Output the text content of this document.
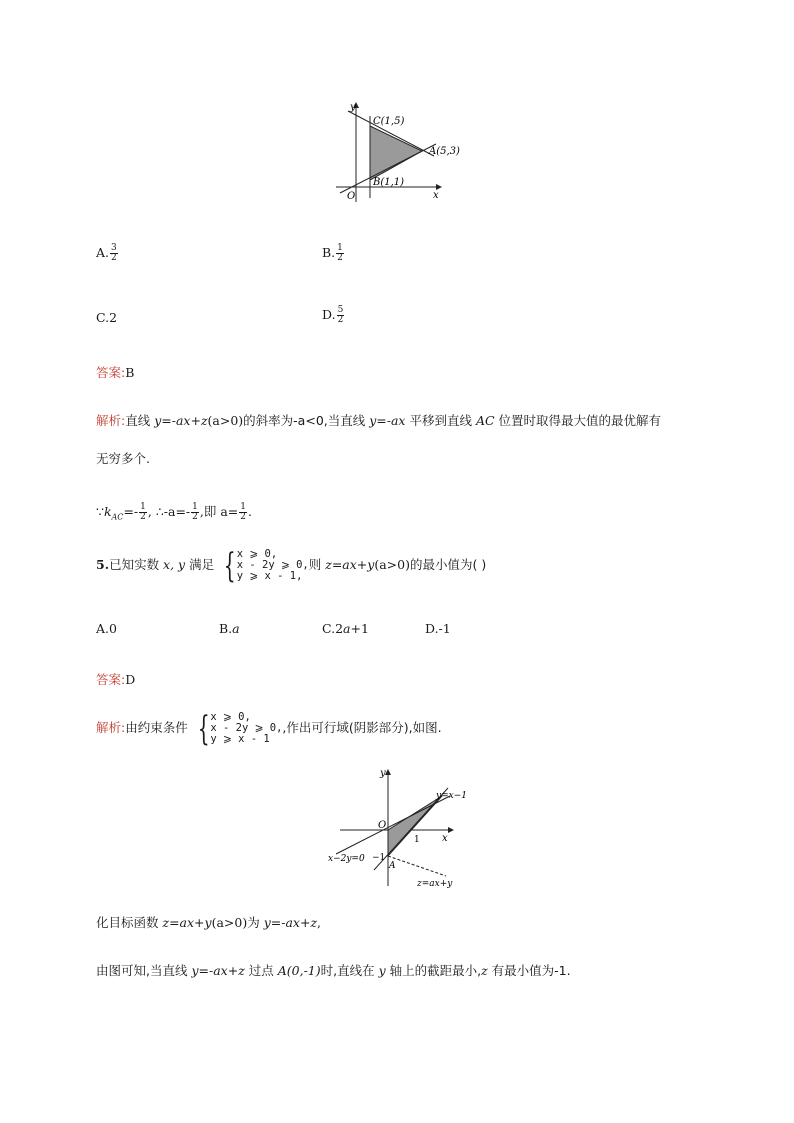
y
x
O
C(1,5)
A(5,3)
B(1,1)
A. $\frac{3}{2}$	B. $\frac{1}{2}$
C.2	D. $\frac{5}{2}$
答案:B
解析:直线 y=-ax+z(a>0)的斜率为-a<0,当直线 y=-ax 平移到直线 AC 位置时取得最大值的最优解有
无穷多个.
$\because k_{AC}=- \frac{1}{2}$ , ∴-a=- $\frac{1}{2}$ ,即 $a= \frac{1}{2}$ .
5.已知实数 x, y 满足 { x ⩾ 0,
x - 2y ⩾ 0,
y ⩾ x - 1,
则 z=ax+y(a>0)的最小值为( )
A.0	B.a	C.2a+1	D.-1
答案:D
解析:由约束条件 { x ⩾ 0,
x - 2y ⩾ 0,
y ⩾ x - 1
,作出可行域(阴影部分),如图.
y
x
O
y=x−1
x−2y=0
z=ax+y
1
−1
A
化目标函数 z=ax+y(a>0)为 y=-ax+z,
由图可知,当直线 y=-ax+z 过点 A(0,-1)时,直线在 y 轴上的截距最小,z 有最小值为-1.
